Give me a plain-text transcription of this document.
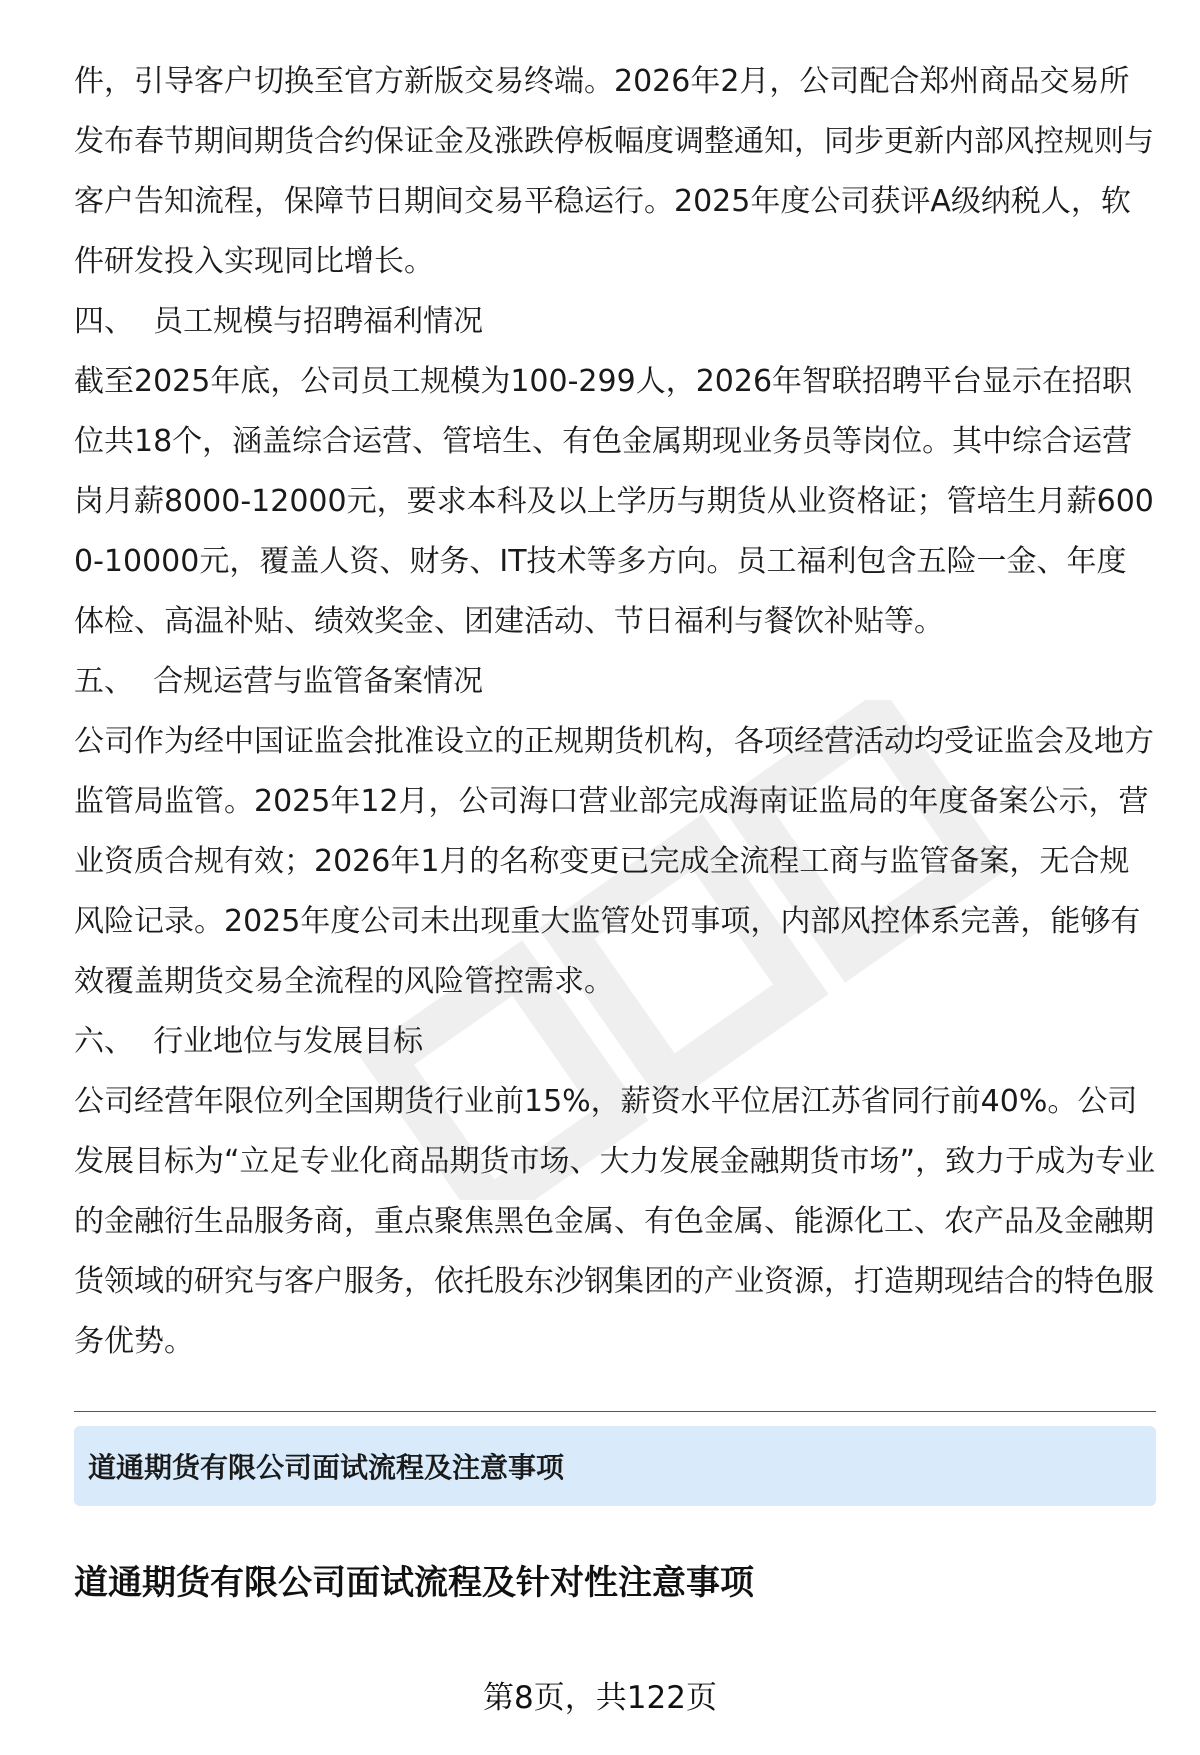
件，引导客户切换至官方新版交易终端。2026年2月，公司配合郑州商品交易所发布春节期间期货合约保证金及涨跌停板幅度调整通知，同步更新内部风控规则与客户告知流程，保障节日期间交易平稳运行。2025年度公司获评A级纳税人，软件研发投入实现同比增长。

四、  员工规模与招聘福利情况

截至2025年底，公司员工规模为100-299人，2026年智联招聘平台显示在招职位共18个，涵盖综合运营、管培生、有色金属期现业务员等岗位。其中综合运营岗月薪8000-12000元，要求本科及以上学历与期货从业资格证；管培生月薪6000-10000元，覆盖人资、财务、IT技术等多方向。员工福利包含五险一金、年度体检、高温补贴、绩效奖金、团建活动、节日福利与餐饮补贴等。

五、  合规运营与监管备案情况

公司作为经中国证监会批准设立的正规期货机构，各项经营活动均受证监会及地方监管局监管。2025年12月，公司海口营业部完成海南证监局的年度备案公示，营业资质合规有效；2026年1月的名称变更已完成全流程工商与监管备案，无合规风险记录。2025年度公司未出现重大监管处罚事项，内部风控体系完善，能够有效覆盖期货交易全流程的风险管控需求。

六、  行业地位与发展目标

公司经营年限位列全国期货行业前15%，薪资水平位居江苏省同行前40%。公司发展目标为“立足专业化商品期货市场、大力发展金融期货市场”，致力于成为专业的金融衍生品服务商，重点聚焦黑色金属、有色金属、能源化工、农产品及金融期货领域的研究与客户服务，依托股东沙钢集团的产业资源，打造期现结合的特色服务优势。

道通期货有限公司面试流程及注意事项
道通期货有限公司面试流程及针对性注意事项
第8页，共122页
